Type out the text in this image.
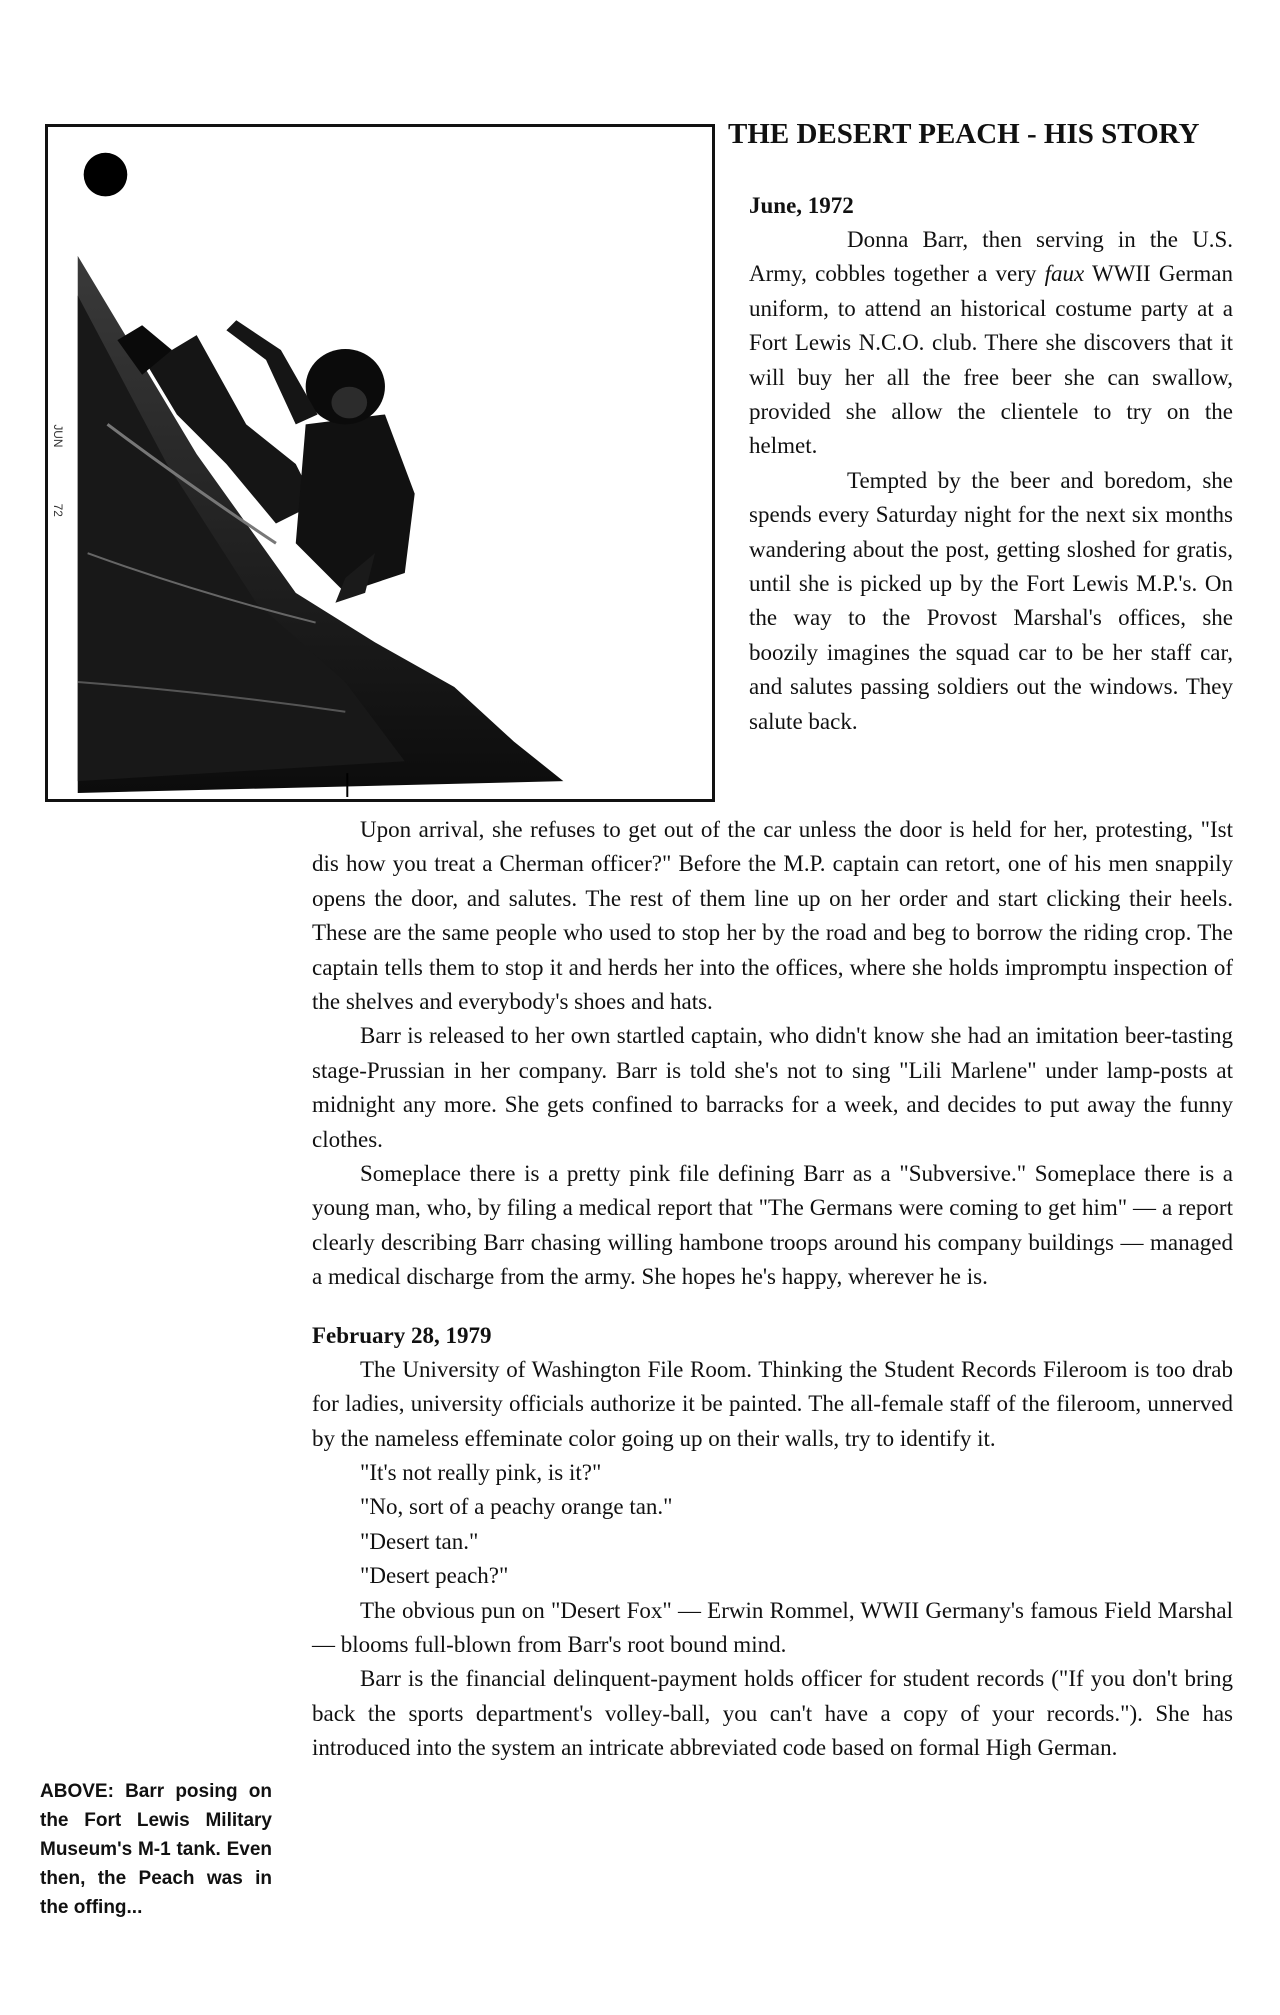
JUN
72
THE DESERT PEACH - HIS STORY

June, 1972

Donna Barr, then serving in the U.S. Army, cobbles together a very faux WWII German uniform, to attend an historical costume party at a Fort Lewis N.C.O. club. There she discovers that it will buy her all the free beer she can swallow, provided she allow the clientele to try on the helmet.

Tempted by the beer and boredom, she spends every Saturday night for the next six months wandering about the post, getting sloshed for gratis, until she is picked up by the Fort Lewis M.P.'s. On the way to the Provost Marshal's offices, she boozily imagines the squad car to be her staff car, and salutes passing soldiers out the windows. They salute back.

Upon arrival, she refuses to get out of the car unless the door is held for her, protesting, "Ist dis how you treat a Cherman officer?" Before the M.P. captain can retort, one of his men snappily opens the door, and salutes. The rest of them line up on her order and start clicking their heels. These are the same people who used to stop her by the road and beg to borrow the riding crop. The captain tells them to stop it and herds her into the offices, where she holds impromptu inspection of the shelves and everybody's shoes and hats.

Barr is released to her own startled captain, who didn't know she had an imitation beer-tasting stage-Prussian in her company. Barr is told she's not to sing "Lili Marlene" under lamp-posts at midnight any more. She gets confined to barracks for a week, and decides to put away the funny clothes.

Someplace there is a pretty pink file defining Barr as a "Subversive." Someplace there is a young man, who, by filing a medical report that "The Germans were coming to get him" — a report clearly describing Barr chasing willing hambone troops around his company buildings — managed a medical discharge from the army. She hopes he's happy, wherever he is.

February 28, 1979

The University of Washington File Room. Thinking the Student Records Fileroom is too drab for ladies, university officials authorize it be painted. The all-female staff of the fileroom, unnerved by the nameless effeminate color going up on their walls, try to identify it.

"It's not really pink, is it?"

"No, sort of a peachy orange tan."

"Desert tan."

"Desert peach?"

The obvious pun on "Desert Fox" — Erwin Rommel, WWII Germany's famous Field Marshal — blooms full-blown from Barr's root bound mind.

Barr is the financial delinquent-payment holds officer for student records ("If you don't bring back the sports department's volley-ball, you can't have a copy of your records."). She has introduced into the system an intricate abbreviated code based on formal High German.

ABOVE: Barr posing on the Fort Lewis Military Museum's M-1 tank. Even then, the Peach was in the offing...
